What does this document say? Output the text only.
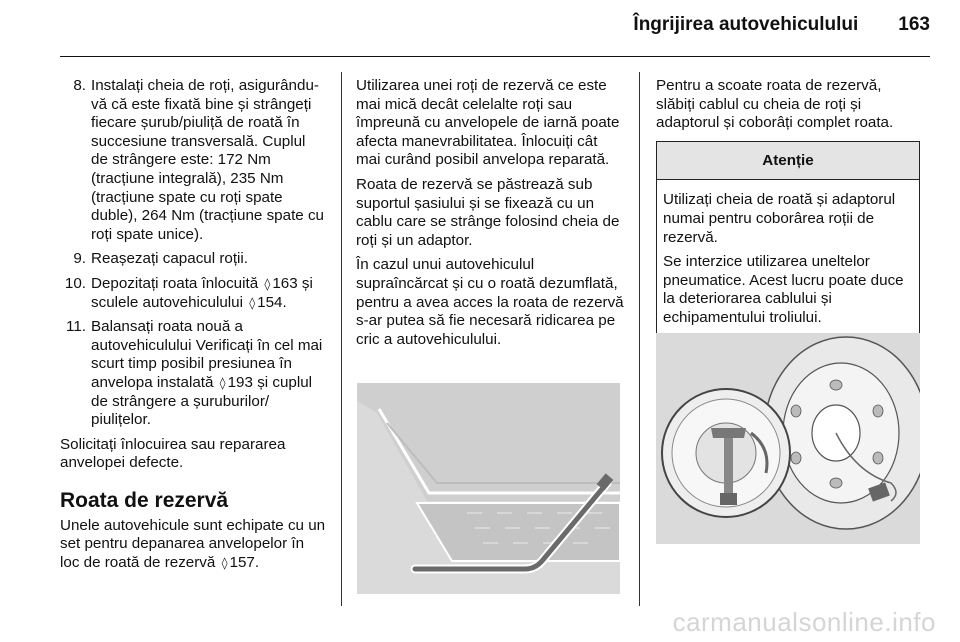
Îngrijirea autovehiculului 163
8. Instalați cheia de roți, asigurându-vă că este fixată bine și strângeți fiecare șurub/piuliță de roată în succesiune transversală. Cuplul de strângere este: 172 Nm (tracțiune integrală), 235 Nm (tracțiune spate cu roți spate duble), 264 Nm (tracțiune spate cu roți spate unice).
9. Reașezați capacul roții.
10. Depozitați roata înlocuită ◊ 163 și sculele autovehiculului ◊ 154.
11. Balansați roata nouă a autovehiculului Verificați în cel mai scurt timp posibil presiunea în anvelopa instalată ◊ 193 și cuplul de strângere a șuruburilor/ piulițelor.

Solicitați înlocuirea sau repararea anvelopei defecte.

Roata de rezervă

Unele autovehicule sunt echipate cu un set pentru depanarea anvelopelor în loc de roată de rezervă ◊ 157.

Utilizarea unei roți de rezervă ce este mai mică decât celelalte roți sau împreună cu anvelopele de iarnă poate afecta manevrabilitatea. Înlocuiți cât mai curând posibil anvelopa reparată.

Roata de rezervă se păstrează sub suportul șasiului și se fixează cu un cablu care se strânge folosind cheia de roți și un adaptor.

În cazul unui autovehiculul supraîncărcat și cu o roată dezumflată, pentru a avea acces la roata de rezervă s-ar putea să fie necesară ridicarea pe cric a autovehiculului.

Pentru a scoate roata de rezervă, slăbiți cablul cu cheia de roți și adaptorul și coborâți complet roata.

Atenție

Utilizați cheia de roată și adaptorul numai pentru coborârea roții de rezervă.

Se interzice utilizarea uneltelor pneumatice. Acest lucru poate duce la deteriorarea cablului și echipamentului troliului.

carmanualsonline.info
